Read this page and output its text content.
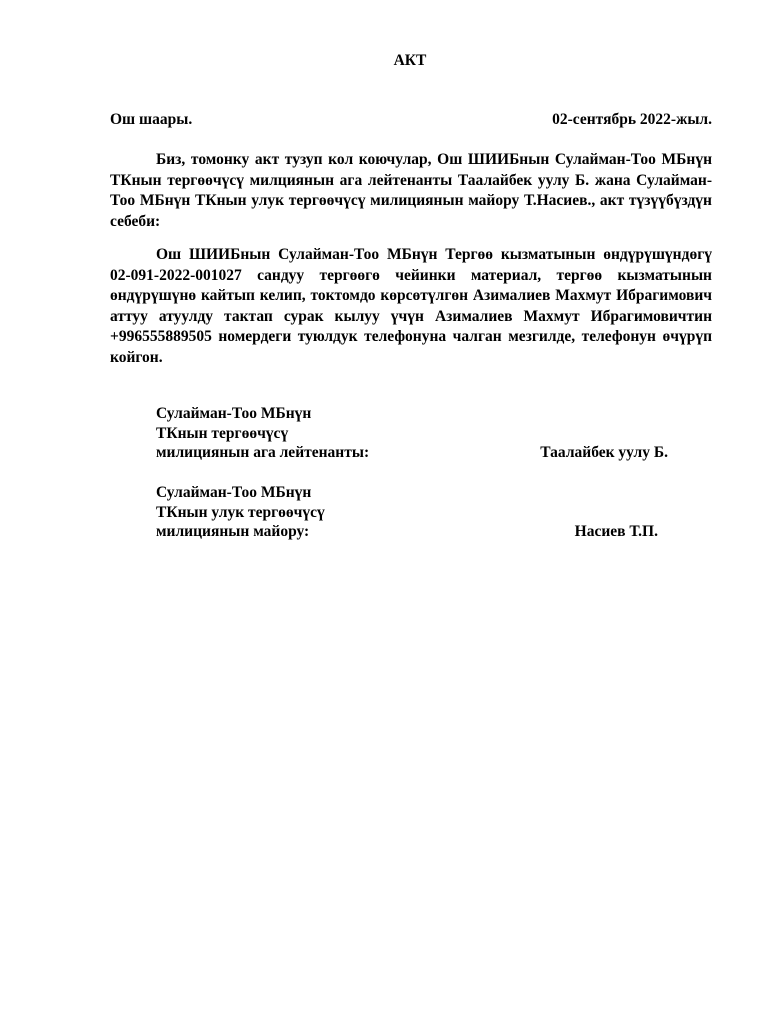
АКТ
Ош шаары.	02-сентябрь 2022-жыл.

Биз, томонку акт тузуп кол коючулар, Ош ШИИБнын Сулайман-Тоо МБнүн ТКнын тергөөчүсү милциянын ага лейтенанты Таалайбек уулу Б. жана Сулайман-Тоо МБнүн ТКнын улук тергөөчүсү милициянын майору Т.Насиев., акт түзүүбүздүн себеби:

Ош ШИИБнын Сулайман-Тоо МБнүн Тергөө кызматынын өндүрүшүндөгү 02-091-2022-001027 сандуу тергөөгө чейинки материал, тергөө кызматынын өндүрүшүнө кайтып келип, токтомдо көрсөтүлгөн Азималиев Махмут Ибрагимович аттуу атуулду тактап сурак кылуу үчүн Азималиев Махмут Ибрагимовичтин +996555889505 номердеги туюлдук телефонуна чалган мезгилде, телефонун өчүрүп койгон.

Сулайман-Тоо МБнүн
ТКнын тергөөчүсү
милициянын ага лейтенанты:	Таалайбек уулу Б.
Сулайман-Тоо МБнүн
ТКнын улук тергөөчүсү
милициянын майору:	Насиев Т.П.
